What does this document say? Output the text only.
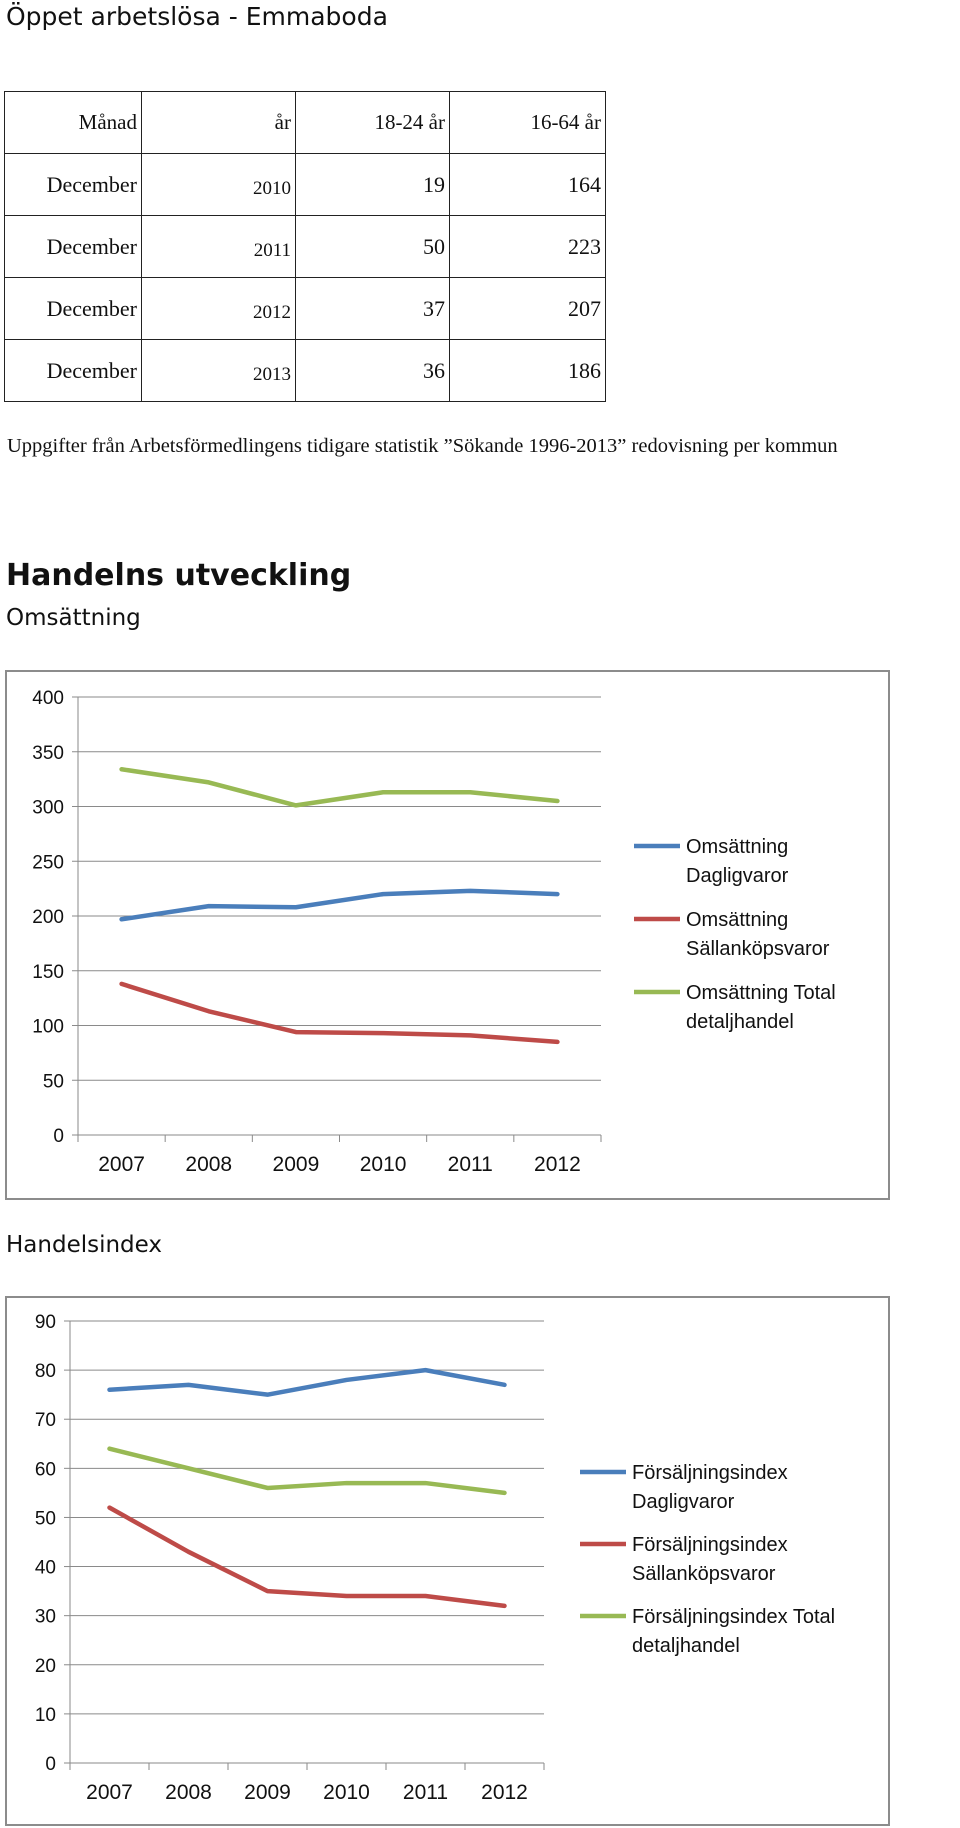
Öppet arbetslösa - Emmaboda
Månad	år	18-24 år	16-64 år
December	2010	19	164
December	2011	50	223
December	2012	37	207
December	2013	36	186
Uppgifter från Arbetsförmedlingens tidigare statistik ”Sökande 1996-2013” redovisning per kommun
Handelns utveckling
Omsättning
0
50
100
150
200
250
300
350
400
2007 2008 2009 2010 2011 2012
Omsättning
Dagligvaror
Omsättning
Sällanköpsvaror
Omsättning Total
detaljhandel
Handelsindex
0
10
20
30
40
50
60
70
80
90
2007 2008 2009 2010 2011 2012
Försäljningsindex
Dagligvaror
Försäljningsindex
Sällanköpsvaror
Försäljningsindex Total
detaljhandel
